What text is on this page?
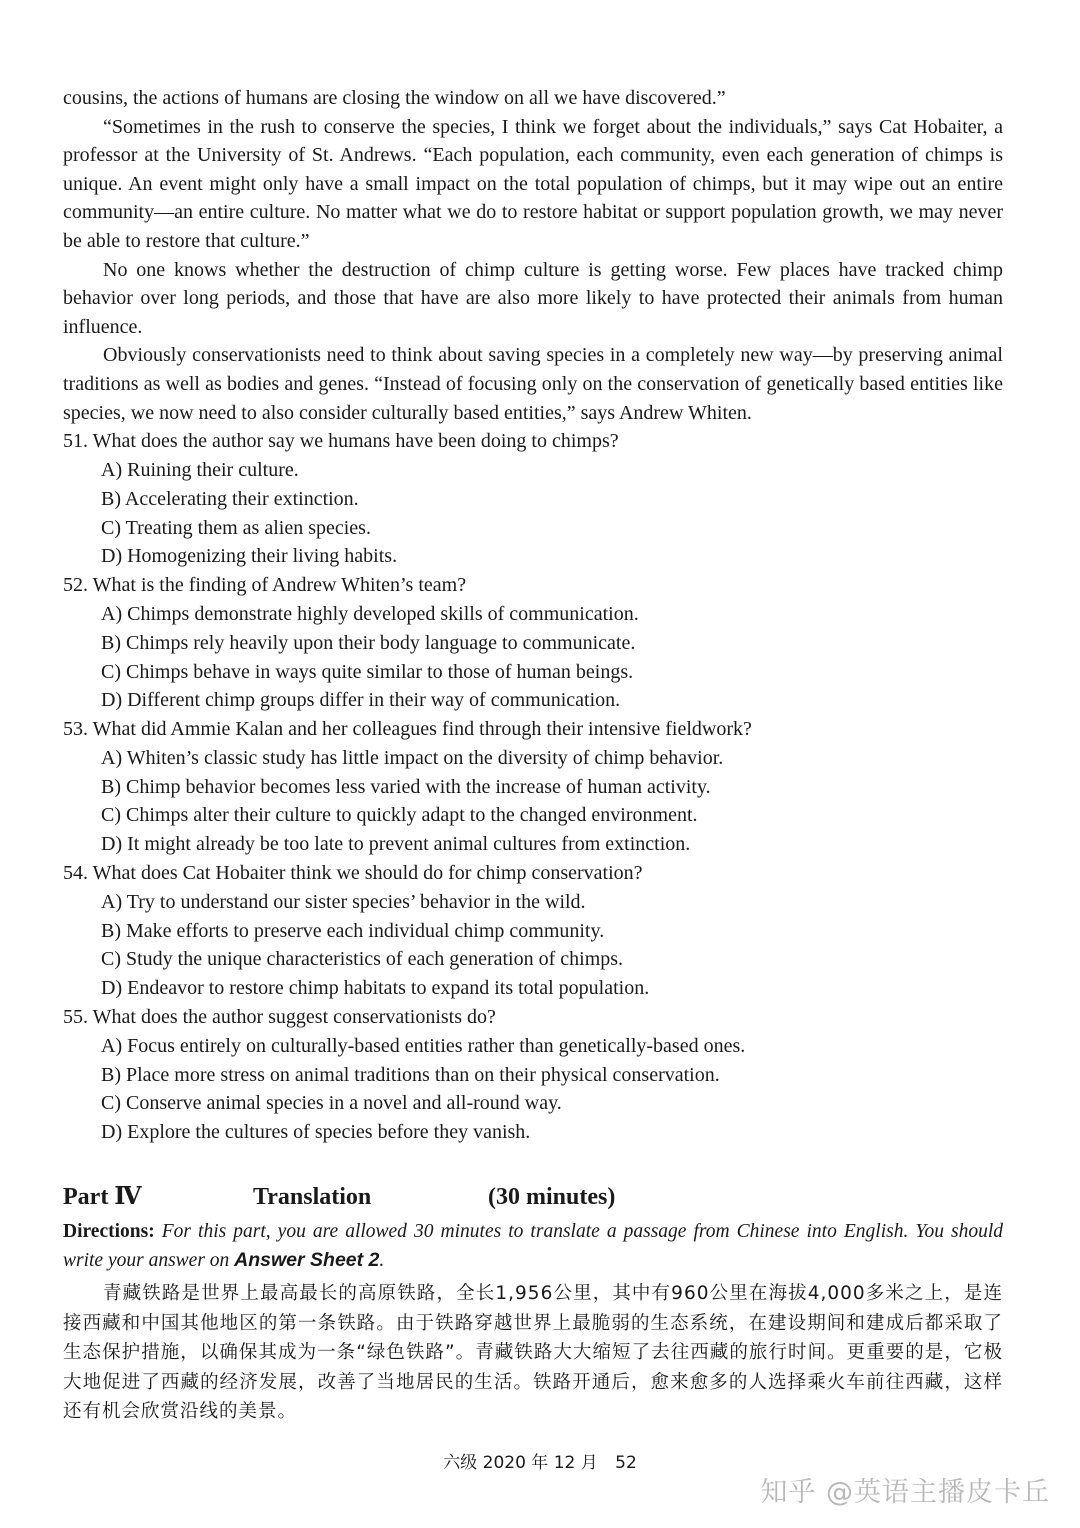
cousins, the actions of humans are closing the window on all we have discovered.”

“Sometimes in the rush to conserve the species, I think we forget about the individuals,” says Cat Hobaiter, a professor at the University of St. Andrews. “Each population, each community, even each generation of chimps is unique. An event might only have a small impact on the total population of chimps, but it may wipe out an entire community—an entire culture. No matter what we do to restore habitat or support population growth, we may never be able to restore that culture.”

No one knows whether the destruction of chimp culture is getting worse. Few places have tracked chimp behavior over long periods, and those that have are also more likely to have protected their animals from human influence.

Obviously conservationists need to think about saving species in a completely new way—by preserving animal traditions as well as bodies and genes. “Instead of focusing only on the conservation of genetically based entities like species, we now need to also consider culturally based entities,” says Andrew Whiten.

51. What does the author say we humans have been doing to chimps?

A) Ruining their culture.

B) Accelerating their extinction.

C) Treating them as alien species.

D) Homogenizing their living habits.

52. What is the finding of Andrew Whiten’s team?

A) Chimps demonstrate highly developed skills of communication.

B) Chimps rely heavily upon their body language to communicate.

C) Chimps behave in ways quite similar to those of human beings.

D) Different chimp groups differ in their way of communication.

53. What did Ammie Kalan and her colleagues find through their intensive fieldwork?

A) Whiten’s classic study has little impact on the diversity of chimp behavior.

B) Chimp behavior becomes less varied with the increase of human activity.

C) Chimps alter their culture to quickly adapt to the changed environment.

D) It might already be too late to prevent animal cultures from extinction.

54. What does Cat Hobaiter think we should do for chimp conservation?

A) Try to understand our sister species’ behavior in the wild.

B) Make efforts to preserve each individual chimp community.

C) Study the unique characteristics of each generation of chimps.

D) Endeavor to restore chimp habitats to expand its total population.

55. What does the author suggest conservationists do?

A) Focus entirely on culturally-based entities rather than genetically-based ones.

B) Place more stress on animal traditions than on their physical conservation.

C) Conserve animal species in a novel and all-round way.

D) Explore the cultures of species before they vanish.

Part Ⅳ	Translation	(30 minutes)

Directions: For this part, you are allowed 30 minutes to translate a passage from Chinese into English. You should write your answer on Answer Sheet 2.

青藏铁路是世界上最高最长的高原铁路，全长1,956公里，其中有960公里在海拔4,000多米之上，是连接西藏和中国其他地区的第一条铁路。由于铁路穿越世界上最脆弱的生态系统，在建设期间和建成后都采取了生态保护措施，以确保其成为一条“绿色铁路”。青藏铁路大大缩短了去往西藏的旅行时间。更重要的是，它极大地促进了西藏的经济发展，改善了当地居民的生活。铁路开通后，愈来愈多的人选择乘火车前往西藏，这样还有机会欣赏沿线的美景。

六级 2020 年 12 月 52
知乎 @英语主播皮卡丘
